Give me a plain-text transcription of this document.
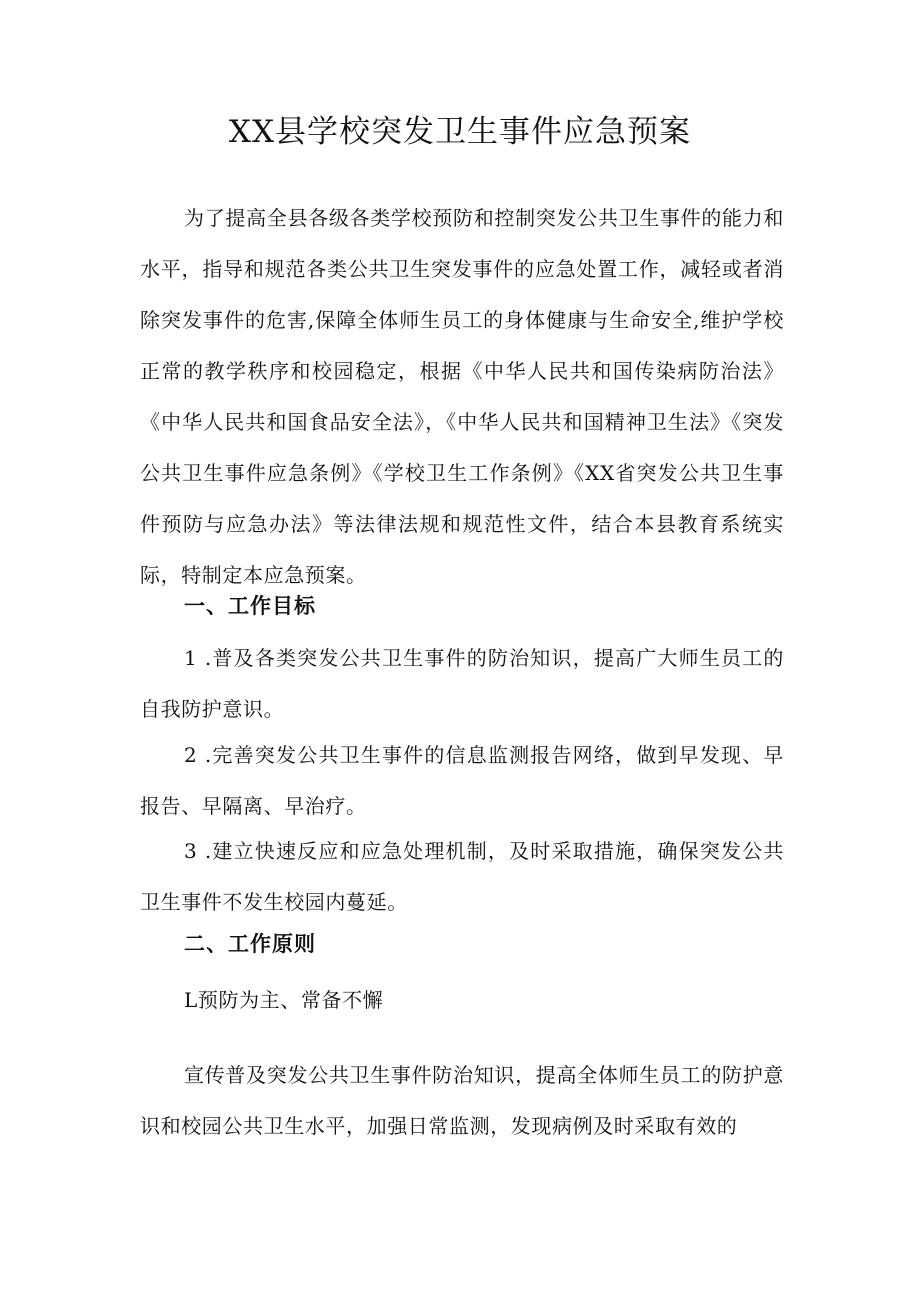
XX县学校突发卫生事件应急预案

为了提高全县各级各类学校预防和控制突发公共卫生事件的能力和水平，指导和规范各类公共卫生突发事件的应急处置工作，减轻或者消除突发事件的危害,保障全体师生员工的身体健康与生命安全,维护学校正常的教学秩序和校园稳定，根据《中华人民共和国传染病防治法》《中华人民共和国食品安全法》，《中华人民共和国精神卫生法》《突发公共卫生事件应急条例》《学校卫生工作条例》《XX省突发公共卫生事件预防与应急办法》等法律法规和规范性文件，结合本县教育系统实际，特制定本应急预案。

一、工作目标

1 .普及各类突发公共卫生事件的防治知识，提高广大师生员工的自我防护意识。

2 .完善突发公共卫生事件的信息监测报告网络，做到早发现、早报告、早隔离、早治疗。

3 .建立快速反应和应急处理机制，及时采取措施，确保突发公共卫生事件不发生校园内蔓延。

二、工作原则

L预防为主、常备不懈

宣传普及突发公共卫生事件防治知识，提高全体师生员工的防护意识和校园公共卫生水平，加强日常监测，发现病例及时采取有效的
